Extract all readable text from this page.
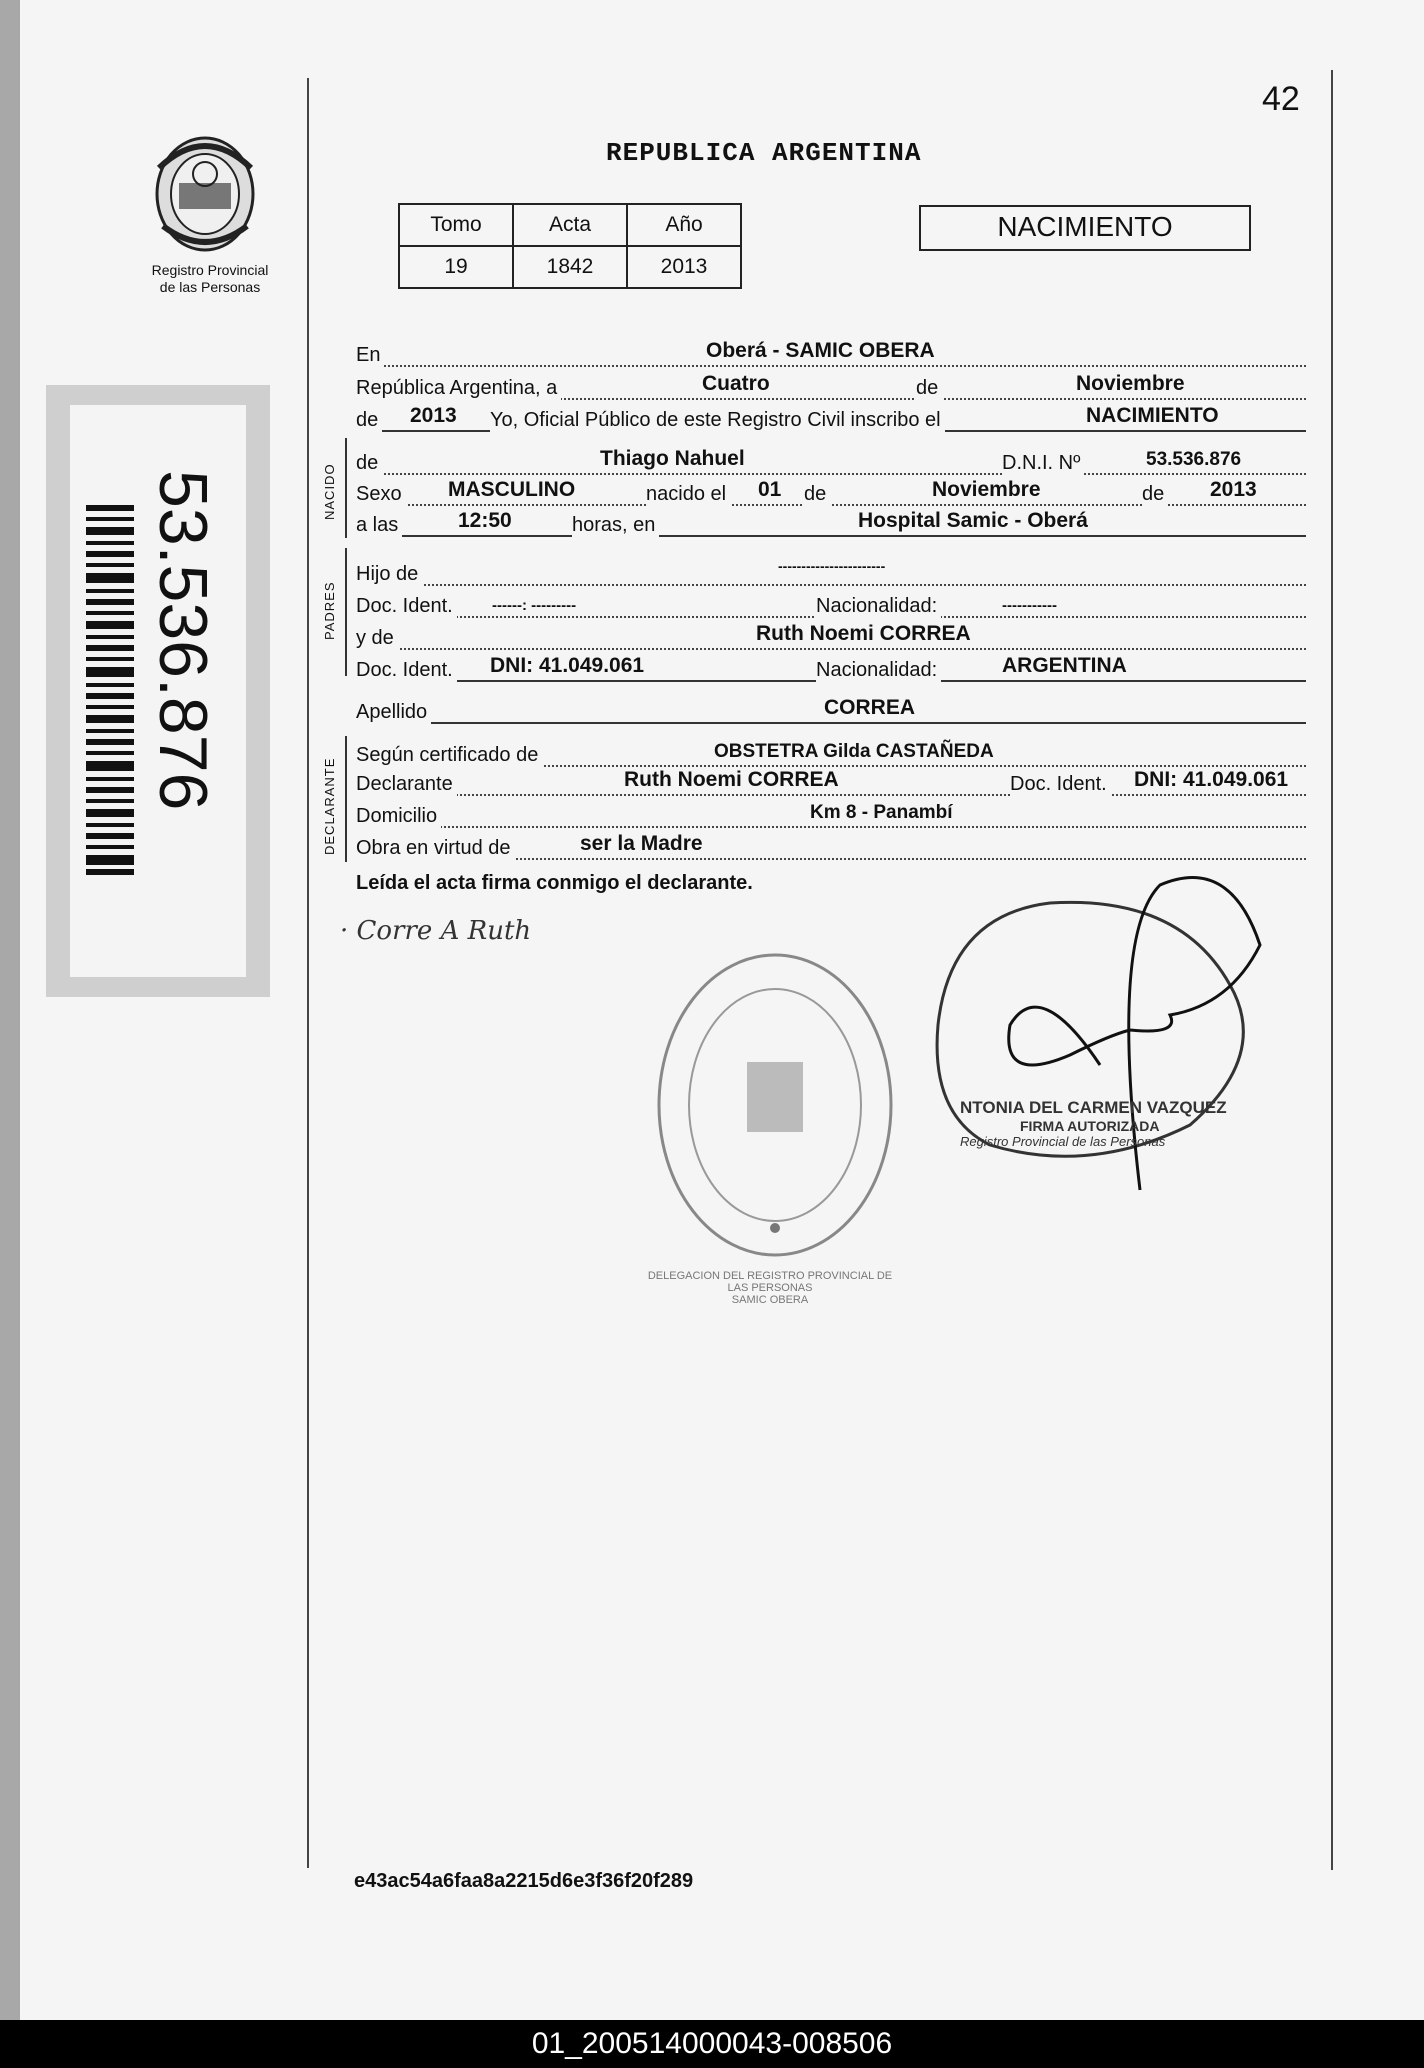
42
Registro Provincial
de las Personas
53.536.876
REPUBLICA ARGENTINA
Tomo	Acta	Año
19	1842	2013
NACIMIENTO
En	Oberá - SAMIC OBERA
República Argentina, a	Cuatro	de	Noviembre
de 2013 Yo, Oficial Público de este Registro Civil inscribo el	NACIMIENTO
NACIDO
de	Thiago Nahuel	D.N.I. Nº	53.536.876
Sexo MASCULINO	nacido el 01 de	Noviembre	de 2013
a las	12:50	horas, en	Hospital Samic - Oberá
PADRES
Hijo de	-----------------------
Doc. Ident.	------: ---------	Nacionalidad:	-----------
y de	Ruth Noemi CORREA
Doc. Ident. DNI: 41.049.061	Nacionalidad:	ARGENTINA
Apellido	CORREA
DECLARANTE
Según certificado de	OBSTETRA Gilda CASTAÑEDA
Declarante	Ruth Noemi CORREA	Doc. Ident. DNI: 41.049.061
Domicilio	Km 8 - Panambí
Obra en virtud de	ser la Madre
Leída el acta firma conmigo el declarante.
· Corre A Ruth
DELEGACION DEL REGISTRO PROVINCIAL DE LAS PERSONAS
SAMIC OBERA
NTONIA DEL CARMEN VAZQUEZ
FIRMA AUTORIZADA
Registro Provincial de las Personas
e43ac54a6faa8a2215d6e3f36f20f289
01_200514000043-008506
